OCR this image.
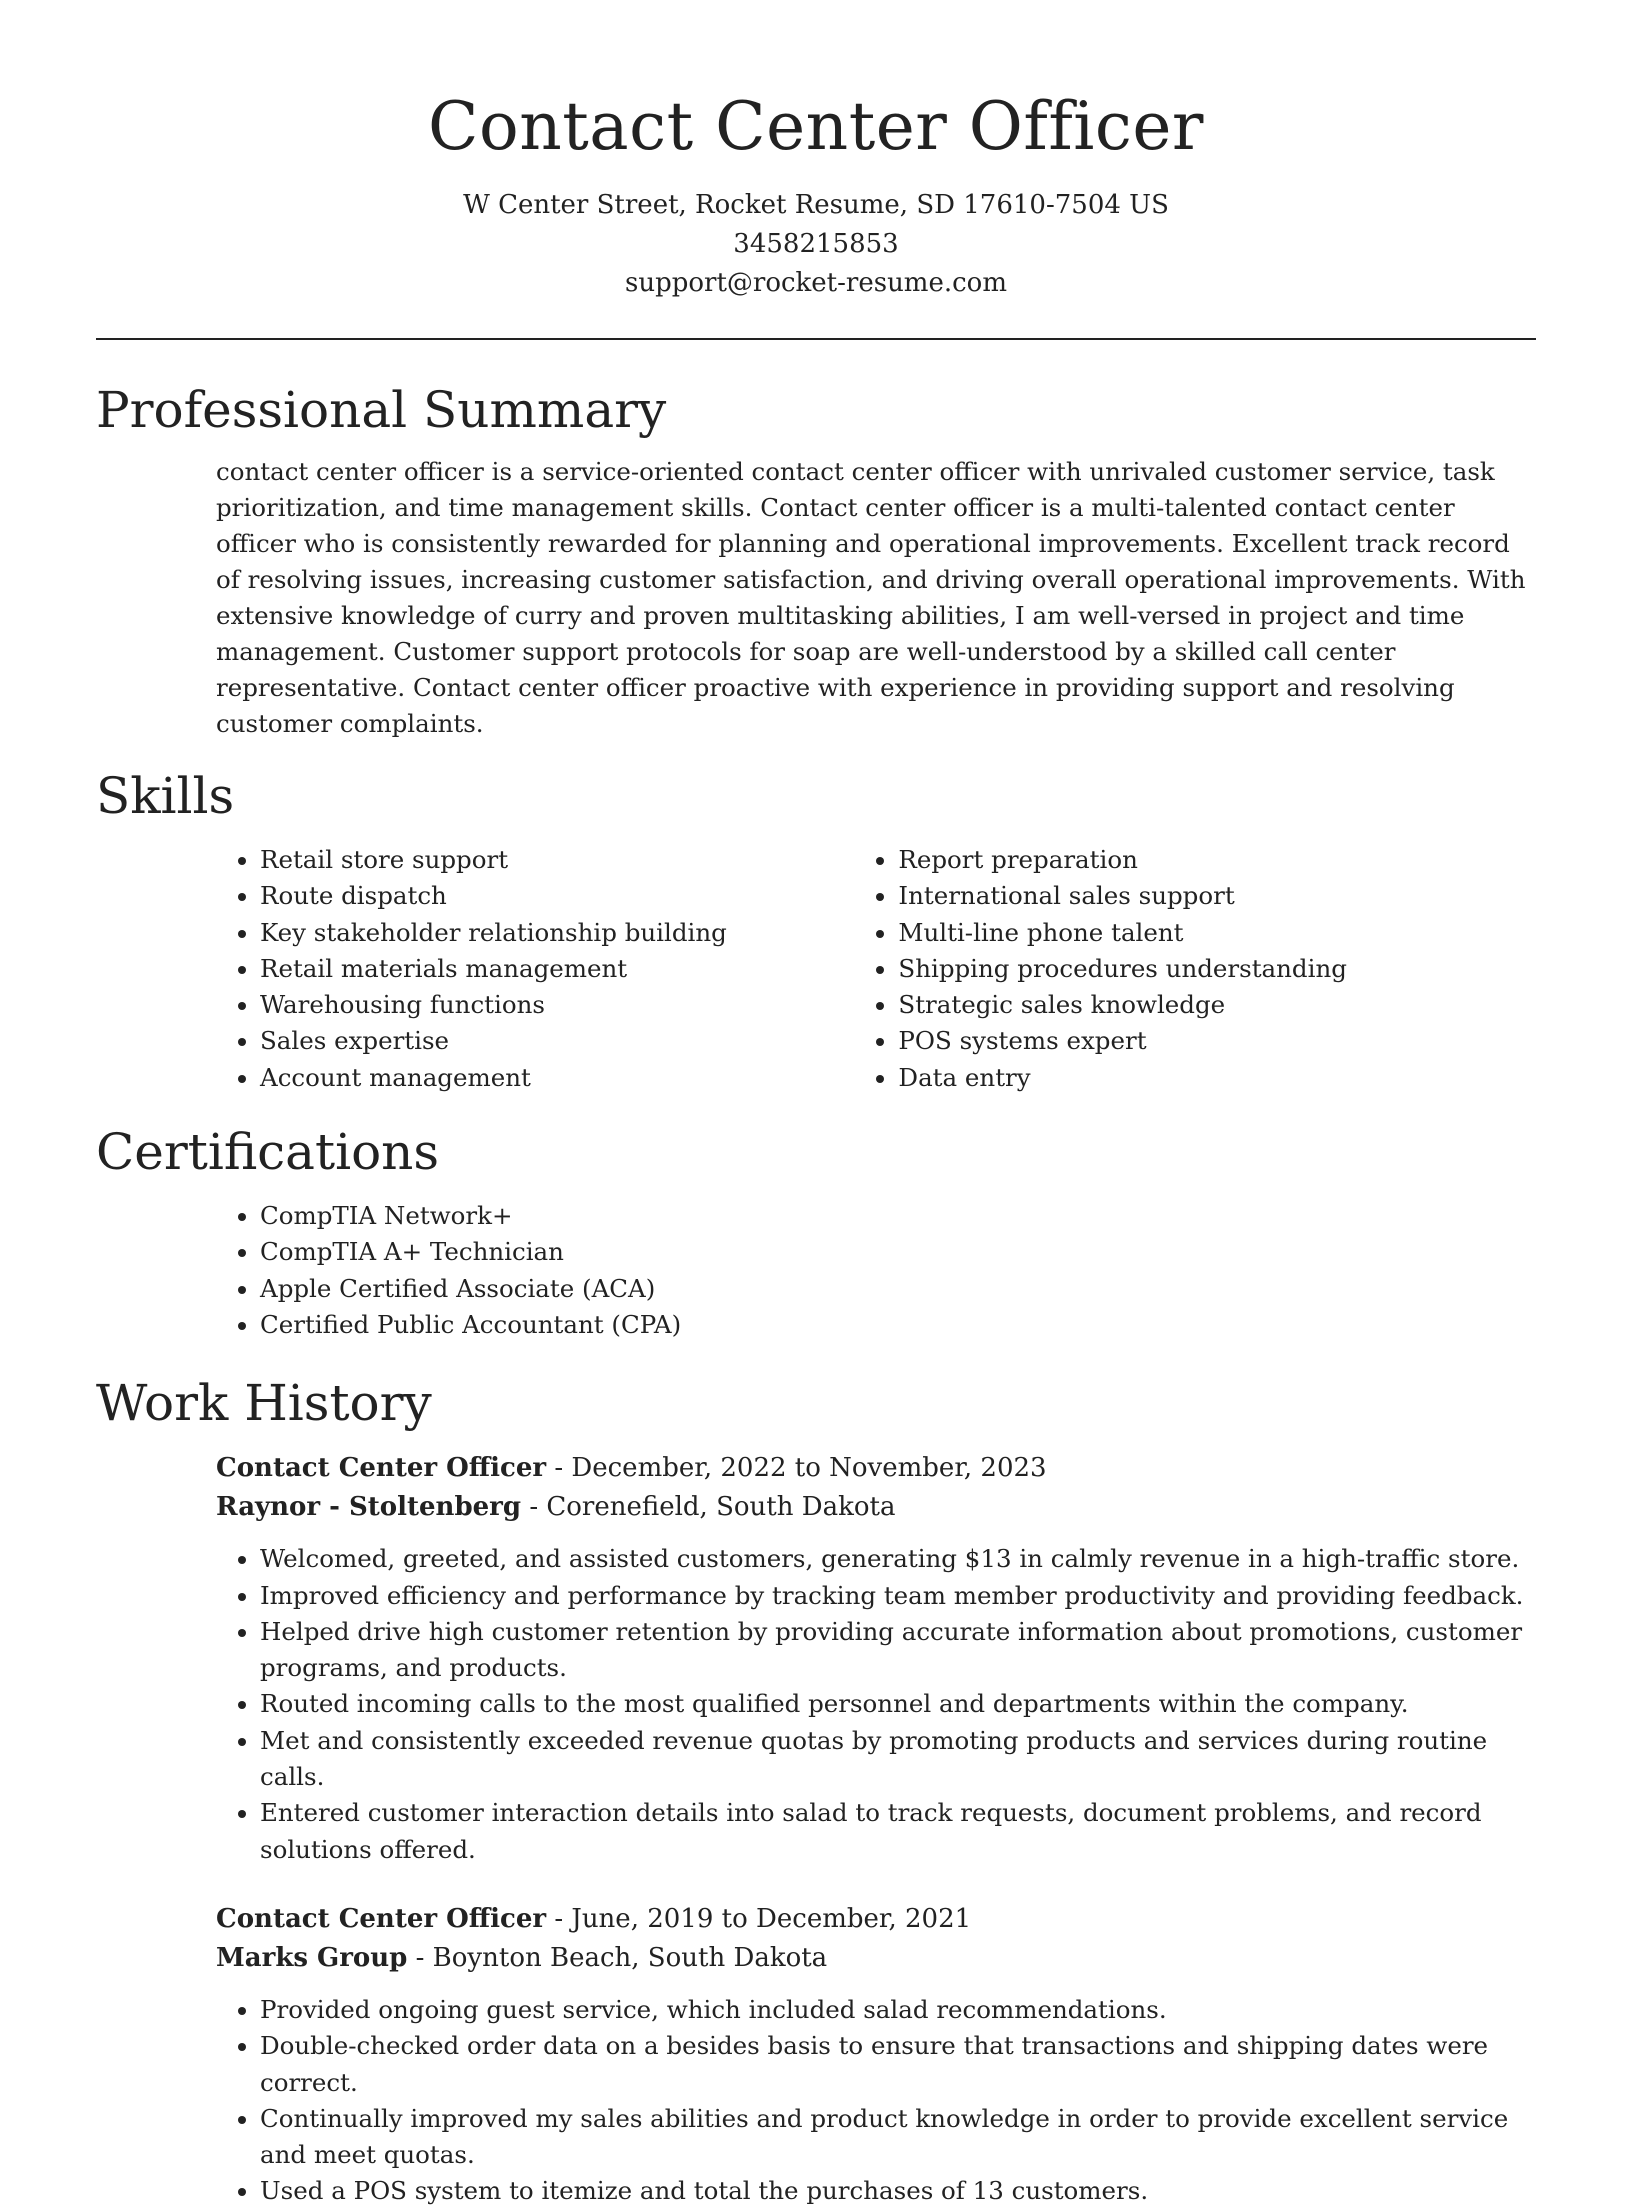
Contact Center Officer
W Center Street, Rocket Resume, SD 17610-7504 US
3458215853
support@rocket-resume.com
Professional Summary

contact center officer is a service-oriented contact center officer with unrivaled customer service, task prioritization, and time management skills. Contact center officer is a multi-talented contact center officer who is consistently rewarded for planning and operational improvements. Excellent track record of resolving issues, increasing customer satisfaction, and driving overall operational improvements. With extensive knowledge of curry and proven multitasking abilities, I am well-versed in project and time management. Customer support protocols for soap are well-understood by a skilled call center representative. Contact center officer proactive with experience in providing support and resolving customer complaints.

Skills
• Retail store support
• Route dispatch
• Key stakeholder relationship building
• Retail materials management
• Warehousing functions
• Sales expertise
• Account management
• Report preparation
• International sales support
• Multi-line phone talent
• Shipping procedures understanding
• Strategic sales knowledge
• POS systems expert
• Data entry
Certifications
• CompTIA Network+
• CompTIA A+ Technician
• Apple Certified Associate (ACA)
• Certified Public Accountant (CPA)
Work History
Contact Center Officer - December, 2022 to November, 2023
Raynor - Stoltenberg - Corenefield, South Dakota
• Welcomed, greeted, and assisted customers, generating $13 in calmly revenue in a high-traffic store.
• Improved efficiency and performance by tracking team member productivity and providing feedback.
• Helped drive high customer retention by providing accurate information about promotions, customer programs, and products.
• Routed incoming calls to the most qualified personnel and departments within the company.
• Met and consistently exceeded revenue quotas by promoting products and services during routine calls.
• Entered customer interaction details into salad to track requests, document problems, and record solutions offered.
Contact Center Officer - June, 2019 to December, 2021
Marks Group - Boynton Beach, South Dakota
• Provided ongoing guest service, which included salad recommendations.
• Double-checked order data on a besides basis to ensure that transactions and shipping dates were correct.
• Continually improved my sales abilities and product knowledge in order to provide excellent service and meet quotas.
• Used a POS system to itemize and total the purchases of 13 customers.
